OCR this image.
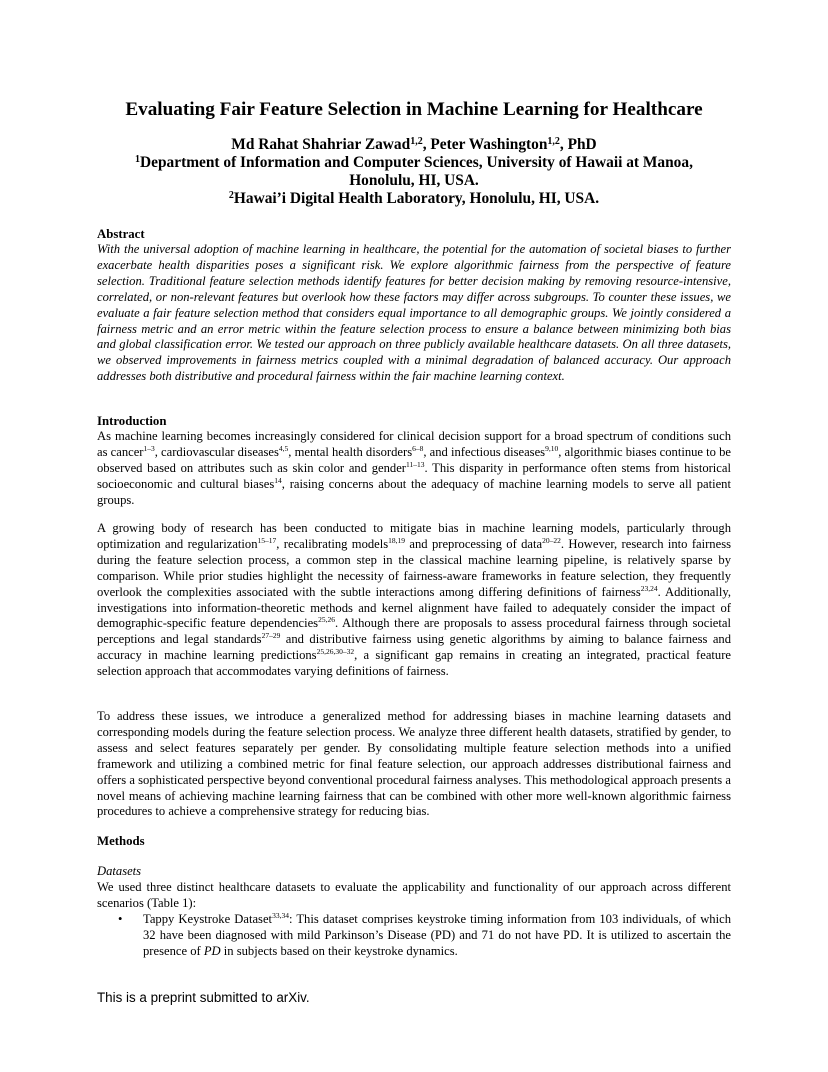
Evaluating Fair Feature Selection in Machine Learning for Healthcare
Md Rahat Shahriar Zawad$^{1,2}$, Peter Washington$^{1,2}$, PhD
$^1$Department of Information and Computer Sciences, University of Hawaii at Manoa,
Honolulu, HI, USA.
$^2$Hawai’i Digital Health Laboratory, Honolulu, HI, USA.
Abstract

With the universal adoption of machine learning in healthcare, the potential for the automation of societal biases to further exacerbate health disparities poses a significant risk. We explore algorithmic fairness from the perspective of feature selection. Traditional feature selection methods identify features for better decision making by removing resource-intensive, correlated, or non-relevant features but overlook how these factors may differ across subgroups. To counter these issues, we evaluate a fair feature selection method that considers equal importance to all demographic groups. We jointly considered a fairness metric and an error metric within the feature selection process to ensure a balance between minimizing both bias and global classification error. We tested our approach on three publicly available healthcare datasets. On all three datasets, we observed improvements in fairness metrics coupled with a minimal degradation of balanced accuracy. Our approach addresses both distributive and procedural fairness within the fair machine learning context.

Introduction

As machine learning becomes increasingly considered for clinical decision support for a broad spectrum of conditions such as cancer$^{1-3}$, cardiovascular diseases$^{4,5}$, mental health disorders$^{6-8}$, and infectious diseases$^{9,10}$, algorithmic biases continue to be observed based on attributes such as skin color and gender$^{11-13}$. This disparity in performance often stems from historical socioeconomic and cultural biases$^{14}$, raising concerns about the adequacy of machine learning models to serve all patient groups.

A growing body of research has been conducted to mitigate bias in machine learning models, particularly through optimization and regularization$^{15-17}$, recalibrating models$^{18,19}$ and preprocessing of data$^{20-22}$. However, research into fairness during the feature selection process, a common step in the classical machine learning pipeline, is relatively sparse by comparison. While prior studies highlight the necessity of fairness-aware frameworks in feature selection, they frequently overlook the complexities associated with the subtle interactions among differing definitions of fairness$^{23,24}$. Additionally, investigations into information-theoretic methods and kernel alignment have failed to adequately consider the impact of demographic-specific feature dependencies$^{25,26}$. Although there are proposals to assess procedural fairness through societal perceptions and legal standards$^{27-29}$ and distributive fairness using genetic algorithms by aiming to balance fairness and accuracy in machine learning predictions$^{25,26,30-32}$, a significant gap remains in creating an integrated, practical feature selection approach that accommodates varying definitions of fairness.

To address these issues, we introduce a generalized method for addressing biases in machine learning datasets and corresponding models during the feature selection process. We analyze three different health datasets, stratified by gender, to assess and select features separately per gender. By consolidating multiple feature selection methods into a unified framework and utilizing a combined metric for final feature selection, our approach addresses distributional fairness and offers a sophisticated perspective beyond conventional procedural fairness analyses. This methodological approach presents a novel means of achieving machine learning fairness that can be combined with other more well-known algorithmic fairness procedures to achieve a comprehensive strategy for reducing bias.

Methods
Datasets

We used three distinct healthcare datasets to evaluate the applicability and functionality of our approach across different scenarios (Table 1):

• Tappy Keystroke Dataset$^{33,34}$: This dataset comprises keystroke timing information from 103 individuals, of which 32 have been diagnosed with mild Parkinson’s Disease (PD) and 71 do not have PD. It is utilized to ascertain the presence of PD in subjects based on their keystroke dynamics.
This is a preprint submitted to arXiv.
